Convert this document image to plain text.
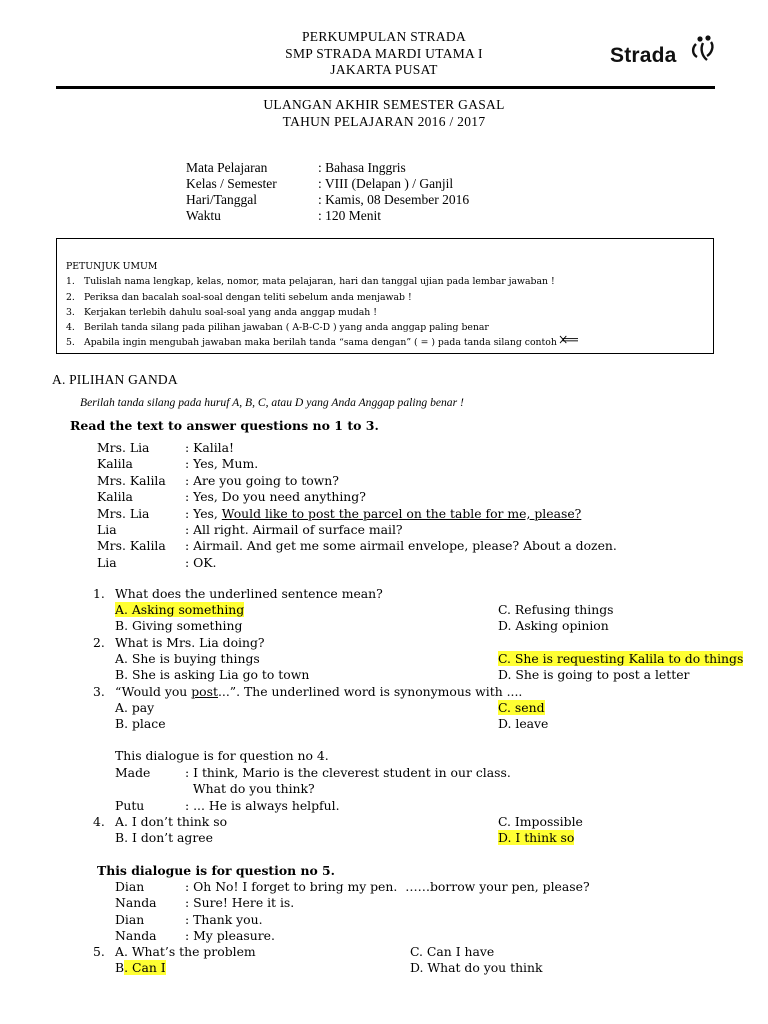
PERKUMPULAN STRADA
SMP STRADA MARDI UTAMA I
JAKARTA PUSAT
Strada
ULANGAN AKHIR SEMESTER GASAL
TAHUN PELAJARAN 2016 / 2017
Mata Pelajaran	: Bahasa Inggris
Kelas / Semester	: VIII (Delapan ) / Ganjil
Hari/Tanggal	: Kamis, 08 Desember 2016
Waktu	: 120 Menit
PETUNJUK UMUM
1. Tulislah nama lengkap, kelas, nomor, mata pelajaran, hari dan tanggal ujian pada lembar jawaban !
2. Periksa dan bacalah soal-soal dengan teliti sebelum anda menjawab !
3. Kerjakan terlebih dahulu soal-soal yang anda anggap mudah !
4. Berilah tanda silang pada pilihan jawaban ( A-B-C-D ) yang anda anggap paling benar
5. Apabila ingin mengubah jawaban maka berilah tanda “sama dengan” ( = ) pada tanda silang contoh
A. PILIHAN GANDA
Berilah tanda silang pada huruf A, B, C, atau D yang Anda Anggap paling benar !
Read the text to answer questions no 1 to 3.
Mrs. Lia	: Kalila!
Kalila	: Yes, Mum.
Mrs. Kalila	: Are you going to town?
Kalila	: Yes, Do you need anything?
Mrs. Lia	: Yes, Would like to post the parcel on the table for me, please?
Lia	: All right. Airmail of surface mail?
Mrs. Kalila	: Airmail. And get me some airmail envelope, please? About a dozen.
Lia	: OK.
1. What does the underlined sentence mean?
A. Asking something	C. Refusing things
B. Giving something	D. Asking opinion
2. What is Mrs. Lia doing?
A. She is buying things	C. She is requesting Kalila to do things
B. She is asking Lia go to town	D. She is going to post a letter
3. “Would you post...”. The underlined word is synonymous with ....
A. pay	C. send
B. place	D. leave
This dialogue is for question no 4.
Made	: I think, Mario is the cleverest student in our class.
What do you think?
Putu	: ... He is always helpful.
4. A. I don’t think so	C. Impossible
B. I don’t agree	D. I think so
This dialogue is for question no 5.
Dian	: Oh No! I forget to bring my pen.  ……borrow your pen, please?
Nanda	: Sure! Here it is.
Dian	: Thank you.
Nanda	: My pleasure.
5. A. What’s the problem	C. Can I have
B. Can I	D. What do you think
